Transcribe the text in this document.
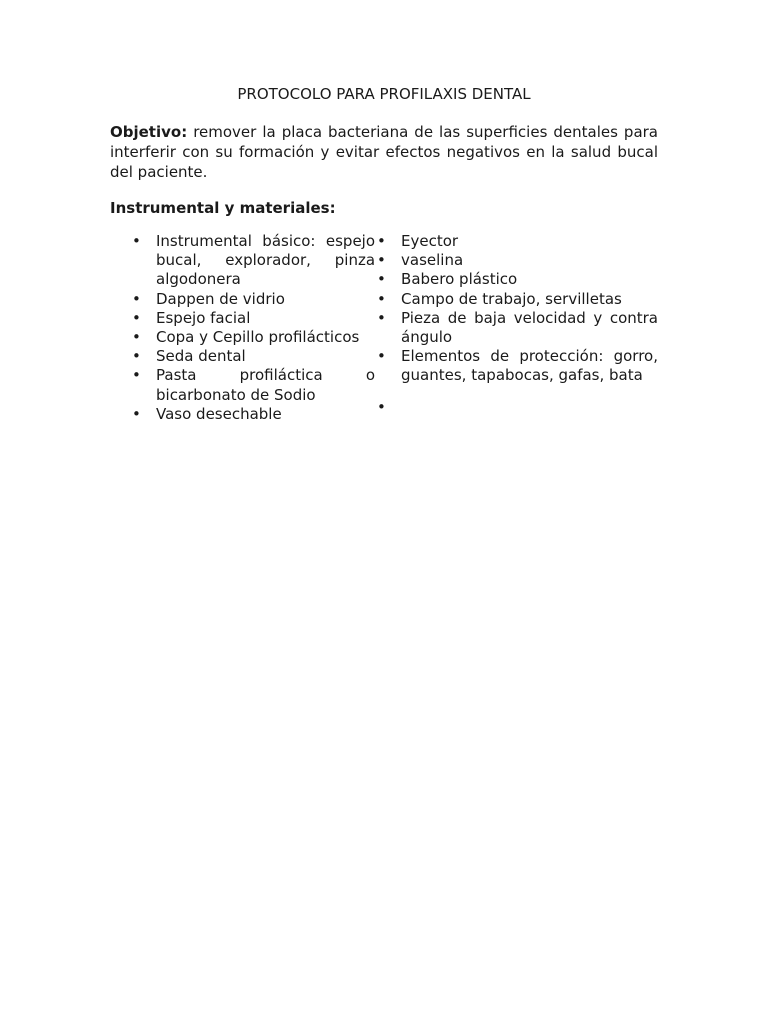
PROTOCOLO PARA PROFILAXIS DENTAL

Objetivo: remover la placa bacteriana de las superficies dentales para interferir con su formación y evitar efectos negativos en la salud bucal del paciente.

Instrumental y materiales:
• Instrumental básico: espejo bucal, explorador, pinza algodonera
• Dappen de vidrio
• Espejo facial
• Copa y Cepillo profilácticos
• Seda dental
• Pasta profiláctica o bicarbonato de Sodio
• Vaso desechable
• Eyector
• vaselina
• Babero plástico
• Campo de trabajo, servilletas
• Pieza de baja velocidad y contra ángulo
• Elementos de protección: gorro, guantes, tapabocas, gafas, bata
•
